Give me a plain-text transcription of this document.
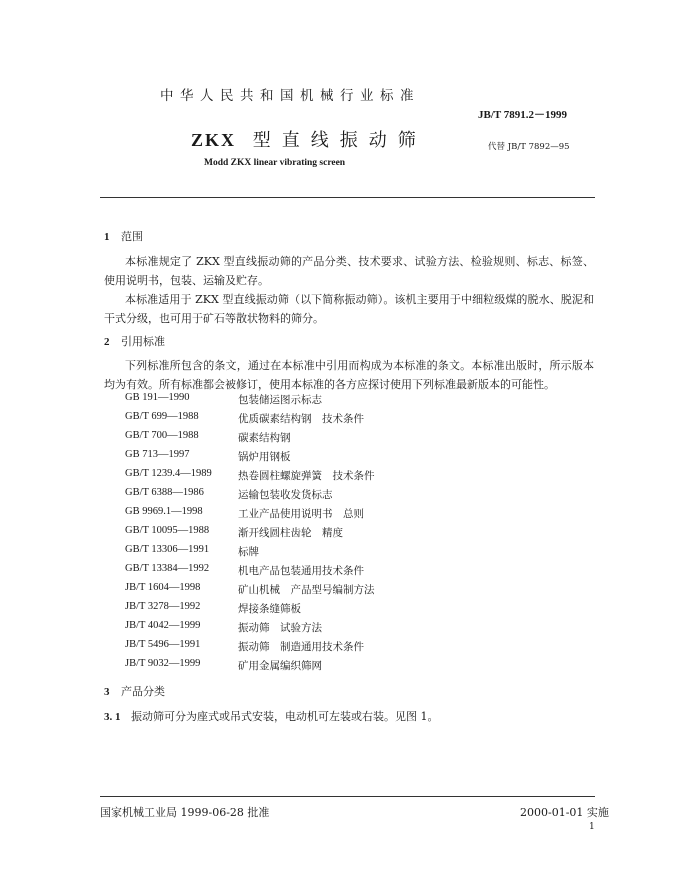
中华人民共和国机械行业标准
JB/T 7891.2－1999
ZKX 型直线振动筛	代替 JB/T 7892—95
Modd ZKX linear vibrating screen
1 范围
本标准规定了 ZKX 型直线振动筛的产品分类、技术要求、试验方法、检验规则、标志、标签、使用说明书，包装、运输及贮存。
本标准适用于 ZKX 型直线振动筛（以下简称振动筛）。该机主要用于中细粒级煤的脱水、脱泥和干式分级，也可用于矿石等散状物料的筛分。
2 引用标准
下列标准所包含的条文，通过在本标准中引用而构成为本标准的条文。本标准出版时，所示版本均为有效。所有标准都会被修订，使用本标准的各方应探讨使用下列标准最新版本的可能性。
GB 191—1990	包装储运图示标志
GB/T 699—1988	优质碳素结构钢　技术条件
GB/T 700—1988	碳素结构钢
GB 713—1997	锅炉用钢板
GB/T 1239.4—1989	热卷圆柱螺旋弹簧　技术条件
GB/T 6388—1986	运输包装收发货标志
GB 9969.1—1998	工业产品使用说明书　总则
GB/T 10095—1988	渐开线圆柱齿轮　精度
GB/T 13306—1991	标牌
GB/T 13384—1992	机电产品包装通用技术条件
JB/T 1604—1998	矿山机械　产品型号编制方法
JB/T 3278—1992	焊接条缝筛板
JB/T 4042—1999	振动筛　试验方法
JB/T 5496—1991	振动筛　制造通用技术条件
JB/T 9032—1999	矿用金属编织筛网
3 产品分类
3. 1 振动筛可分为座式或吊式安装，电动机可左装或右装。见图 1。
国家机械工业局 1999-06-28 批准	2000-01-01 实施
1
